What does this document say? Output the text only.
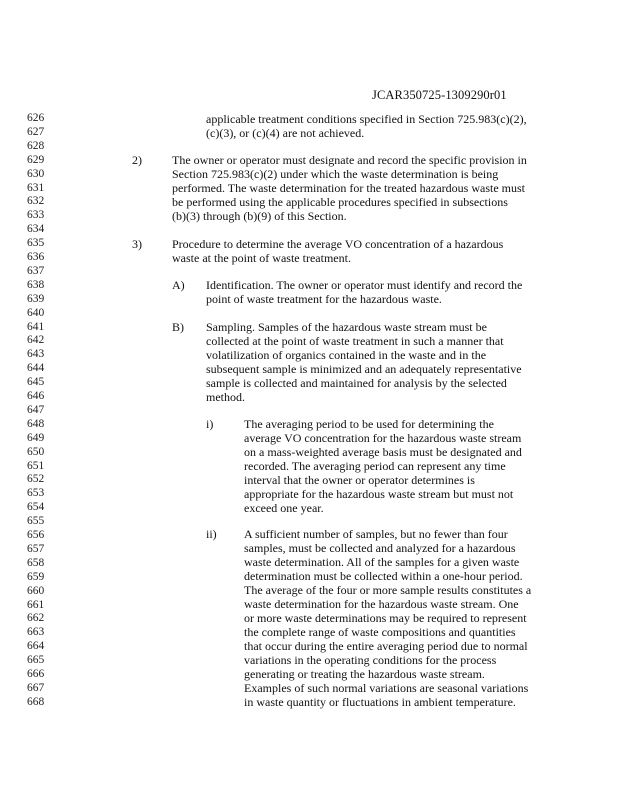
JCAR350725-1309290r01
626
627
628
629
630
631
632
633
634
635
636
637
638
639
640
641
642
643
644
645
646
647
648
649
650
651
652
653
654
655
656
657
658
659
660
661
662
663
664
665
666
667
668
applicable treatment conditions specified in Section 725.983(c)(2),
(c)(3), or (c)(4) are not achieved.
2)	The owner or operator must designate and record the specific provision in
Section 725.983(c)(2) under which the waste determination is being
performed. The waste determination for the treated hazardous waste must
be performed using the applicable procedures specified in subsections
(b)(3) through (b)(9) of this Section.
3)	Procedure to determine the average VO concentration of a hazardous
waste at the point of waste treatment.
A) Identification. The owner or operator must identify and record the
point of waste treatment for the hazardous waste.
B) Sampling. Samples of the hazardous waste stream must be
collected at the point of waste treatment in such a manner that
volatilization of organics contained in the waste and in the
subsequent sample is minimized and an adequately representative
sample is collected and maintained for analysis by the selected
method.
i)	The averaging period to be used for determining the
average VO concentration for the hazardous waste stream
on a mass-weighted average basis must be designated and
recorded. The averaging period can represent any time
interval that the owner or operator determines is
appropriate for the hazardous waste stream but must not
exceed one year.
ii) A sufficient number of samples, but no fewer than four
samples, must be collected and analyzed for a hazardous
waste determination. All of the samples for a given waste
determination must be collected within a one-hour period.
The average of the four or more sample results constitutes a
waste determination for the hazardous waste stream. One
or more waste determinations may be required to represent
the complete range of waste compositions and quantities
that occur during the entire averaging period due to normal
variations in the operating conditions for the process
generating or treating the hazardous waste stream.
Examples of such normal variations are seasonal variations
in waste quantity or fluctuations in ambient temperature.
